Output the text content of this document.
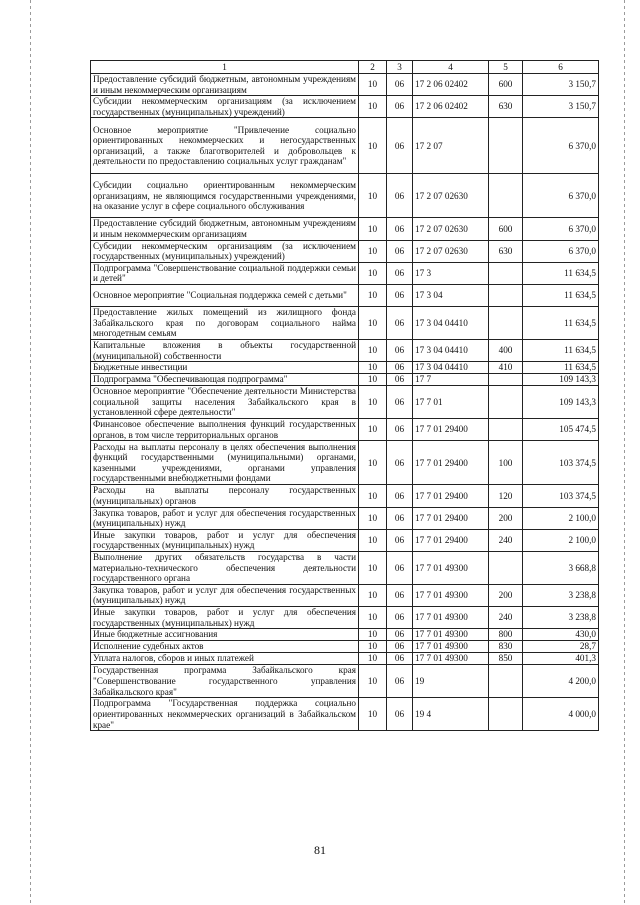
1	2	3	4	5	6
Предоставление субсидий бюджетным, автономным учреждениям и иным некоммерческим организациям	10	06	17 2 06 02402	600	3 150,7
Субсидии некоммерческим организациям (за исключением государственных (муниципальных) учреждений)	10	06	17 2 06 02402	630	3 150,7
Основное мероприятие "Привлечение социально ориентированных некоммерческих и негосударственных организаций, а также благотворителей и добровольцев к деятельности по предоставлению социальных услуг гражданам"	10	06	17 2 07		6 370,0
Субсидии социально ориентированным некоммерческим организациям, не являющимся государственными учреждениями, на оказание услуг в сфере социального обслуживания	10	06	17 2 07 02630		6 370,0
Предоставление субсидий бюджетным, автономным учреждениям и иным некоммерческим организациям	10	06	17 2 07 02630	600	6 370,0
Субсидии некоммерческим организациям (за исключением государственных (муниципальных) учреждений)	10	06	17 2 07 02630	630	6 370,0
Подпрограмма "Совершенствование социальной поддержки семьи и детей"	10	06	17 3		11 634,5
Основное мероприятие "Социальная поддержка семей с детьми"	10	06	17 3 04		11 634,5
Предоставление жилых помещений из жилищного фонда Забайкальского края по договорам социального найма многодетным семьям	10	06	17 3 04 04410		11 634,5
Капитальные вложения в объекты государственной (муниципальной) собственности	10	06	17 3 04 04410	400	11 634,5
Бюджетные инвестиции	10	06	17 3 04 04410	410	11 634,5
Подпрограмма "Обеспечивающая подпрограмма"	10	06	17 7		109 143,3
Основное мероприятие "Обеспечение деятельности Министерства социальной защиты населения Забайкальского края в установленной сфере деятельности"	10	06	17 7 01		109 143,3
Финансовое обеспечение выполнения функций государственных органов, в том числе территориальных органов	10	06	17 7 01 29400		105 474,5
Расходы на выплаты персоналу в целях обеспечения выполнения функций государственными (муниципальными) органами, казенными учреждениями, органами управления государственными внебюджетными фондами	10	06	17 7 01 29400	100	103 374,5
Расходы на выплаты персоналу государственных (муниципальных) органов	10	06	17 7 01 29400	120	103 374,5
Закупка товаров, работ и услуг для обеспечения государственных (муниципальных) нужд	10	06	17 7 01 29400	200	2 100,0
Иные закупки товаров, работ и услуг для обеспечения государственных (муниципальных) нужд	10	06	17 7 01 29400	240	2 100,0
Выполнение других обязательств государства в части материально-технического обеспечения деятельности государственного органа	10	06	17 7 01 49300		3 668,8
Закупка товаров, работ и услуг для обеспечения государственных (муниципальных) нужд	10	06	17 7 01 49300	200	3 238,8
Иные закупки товаров, работ и услуг для обеспечения государственных (муниципальных) нужд	10	06	17 7 01 49300	240	3 238,8
Иные бюджетные ассигнования	10	06	17 7 01 49300	800	430,0
Исполнение судебных актов	10	06	17 7 01 49300	830	28,7
Уплата налогов, сборов и иных платежей	10	06	17 7 01 49300	850	401,3
Государственная программа Забайкальского края "Совершенствование государственного управления Забайкальского края"	10	06	19		4 200,0
Подпрограмма "Государственная поддержка социально ориентированных некоммерческих организаций в Забайкальском крае"	10	06	19 4		4 000,0
81
